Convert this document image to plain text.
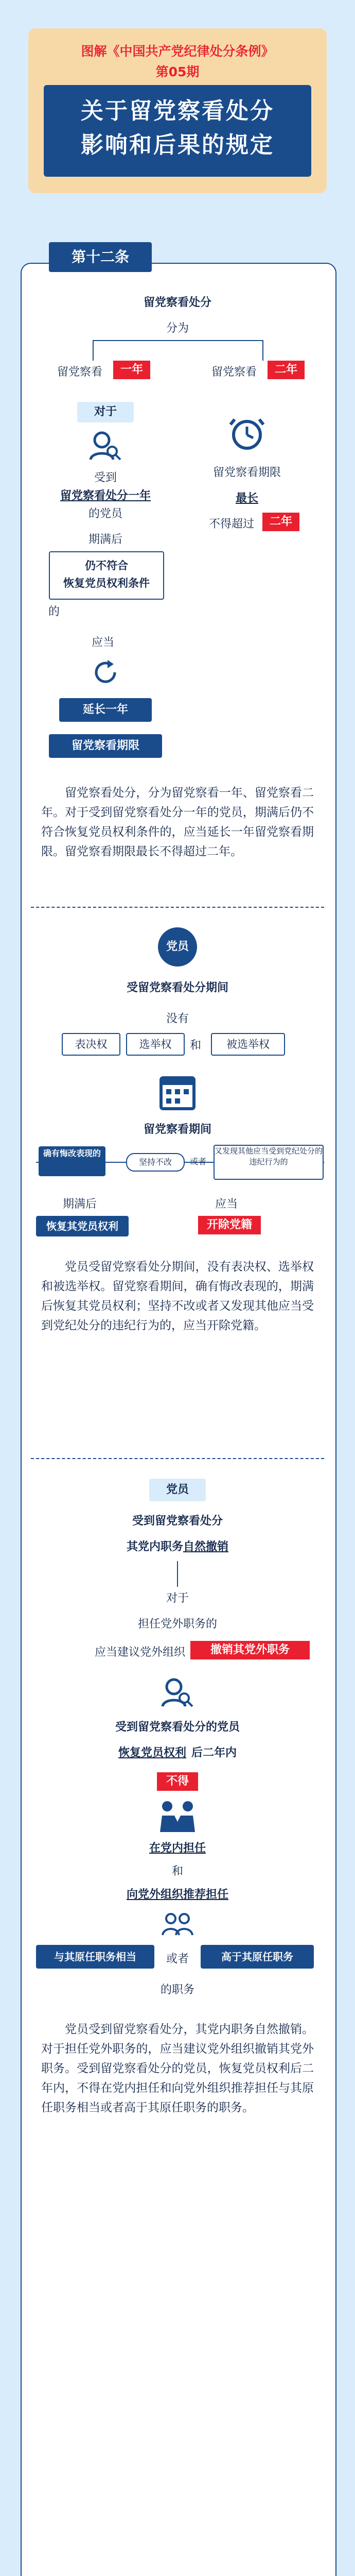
图解《中国共产党纪律处分条例》
第05期
关于留党察看处分
影响和后果的规定
第十二条
留党察看处分
分为
留党察看	一年	留党察看	二年
对于
受到
留党察看处分一年
的党员
期满后
仍不符合
恢复党员权利条件
的
应当
延长一年
留党察看期限
留党察看期限
最长
不得超过	二年
留党察看处分，分为留党察看一年、留党察看二年。对于受到留党察看处分一年的党员，期满后仍不符合恢复党员权利条件的，应当延长一年留党察看期限。留党察看期限最长不得超过二年。
党员
受留党察看处分期间
没有
表决权	选举权	和	被选举权
留党察看期间
确有悔改表现的
坚持不改	或者
又发现其他应当受到党纪处分的违纪行为的
期满后
恢复其党员权利
应当
开除党籍
党员受留党察看处分期间，没有表决权、选举权和被选举权。留党察看期间，确有悔改表现的，期满后恢复其党员权利；坚持不改或者又发现其他应当受到党纪处分的违纪行为的，应当开除党籍。
党员
受到留党察看处分
其党内职务自然撤销
对于
担任党外职务的
应当建议党外组织	撤销其党外职务
受到留党察看处分的党员
恢复党员权利 后二年内
不得
在党内担任
和
向党外组织推荐担任
与其原任职务相当	或者	高于其原任职务
的职务
党员受到留党察看处分，其党内职务自然撤销。对于担任党外职务的，应当建议党外组织撤销其党外职务。受到留党察看处分的党员，恢复党员权利后二年内，不得在党内担任和向党外组织推荐担任与其原任职务相当或者高于其原任职务的职务。
